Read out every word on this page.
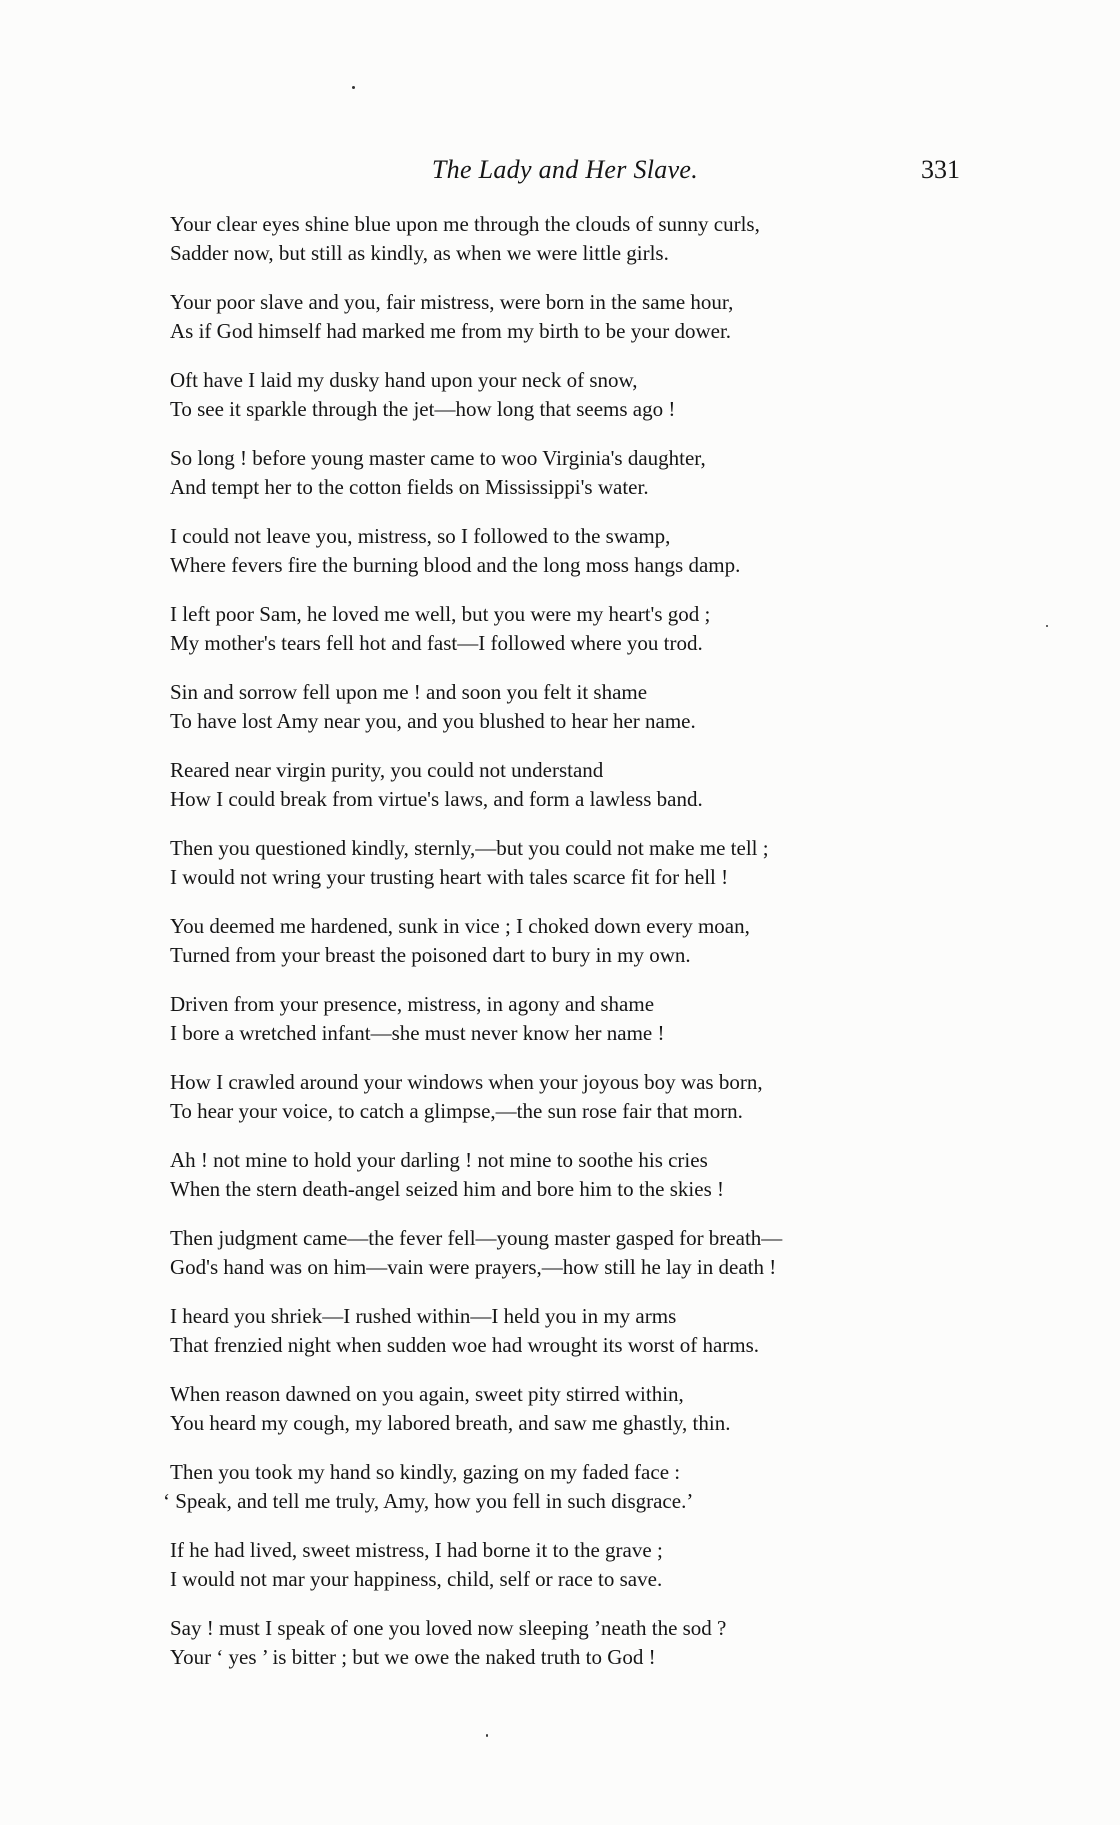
The Lady and Her Slave.	331
Your clear eyes shine blue upon me through the clouds of sunny curls,
Sadder now, but still as kindly, as when we were little girls.
Your poor slave and you, fair mistress, were born in the same hour,
As if God himself had marked me from my birth to be your dower.
Oft have I laid my dusky hand upon your neck of snow,
To see it sparkle through the jet—how long that seems ago !
So long ! before young master came to woo Virginia's daughter,
And tempt her to the cotton fields on Mississippi's water.
I could not leave you, mistress, so I followed to the swamp,
Where fevers fire the burning blood and the long moss hangs damp.
I left poor Sam, he loved me well, but you were my heart's god ;
My mother's tears fell hot and fast—I followed where you trod.
Sin and sorrow fell upon me ! and soon you felt it shame
To have lost Amy near you, and you blushed to hear her name.
Reared near virgin purity, you could not understand
How I could break from virtue's laws, and form a lawless band.
Then you questioned kindly, sternly,—but you could not make me tell ;
I would not wring your trusting heart with tales scarce fit for hell !
You deemed me hardened, sunk in vice ; I choked down every moan,
Turned from your breast the poisoned dart to bury in my own.
Driven from your presence, mistress, in agony and shame
I bore a wretched infant—she must never know her name !
How I crawled around your windows when your joyous boy was born,
To hear your voice, to catch a glimpse,—the sun rose fair that morn.
Ah ! not mine to hold your darling ! not mine to soothe his cries
When the stern death-angel seized him and bore him to the skies !
Then judgment came—the fever fell—young master gasped for breath—
God's hand was on him—vain were prayers,—how still he lay in death !
I heard you shriek—I rushed within—I held you in my arms
That frenzied night when sudden woe had wrought its worst of harms.
When reason dawned on you again, sweet pity stirred within,
You heard my cough, my labored breath, and saw me ghastly, thin.
Then you took my hand so kindly, gazing on my faded face :
‘ Speak, and tell me truly, Amy, how you fell in such disgrace.’
If he had lived, sweet mistress, I had borne it to the grave ;
I would not mar your happiness, child, self or race to save.
Say ! must I speak of one you loved now sleeping ’neath the sod ?
Your ‘ yes ’ is bitter ; but we owe the naked truth to God !
